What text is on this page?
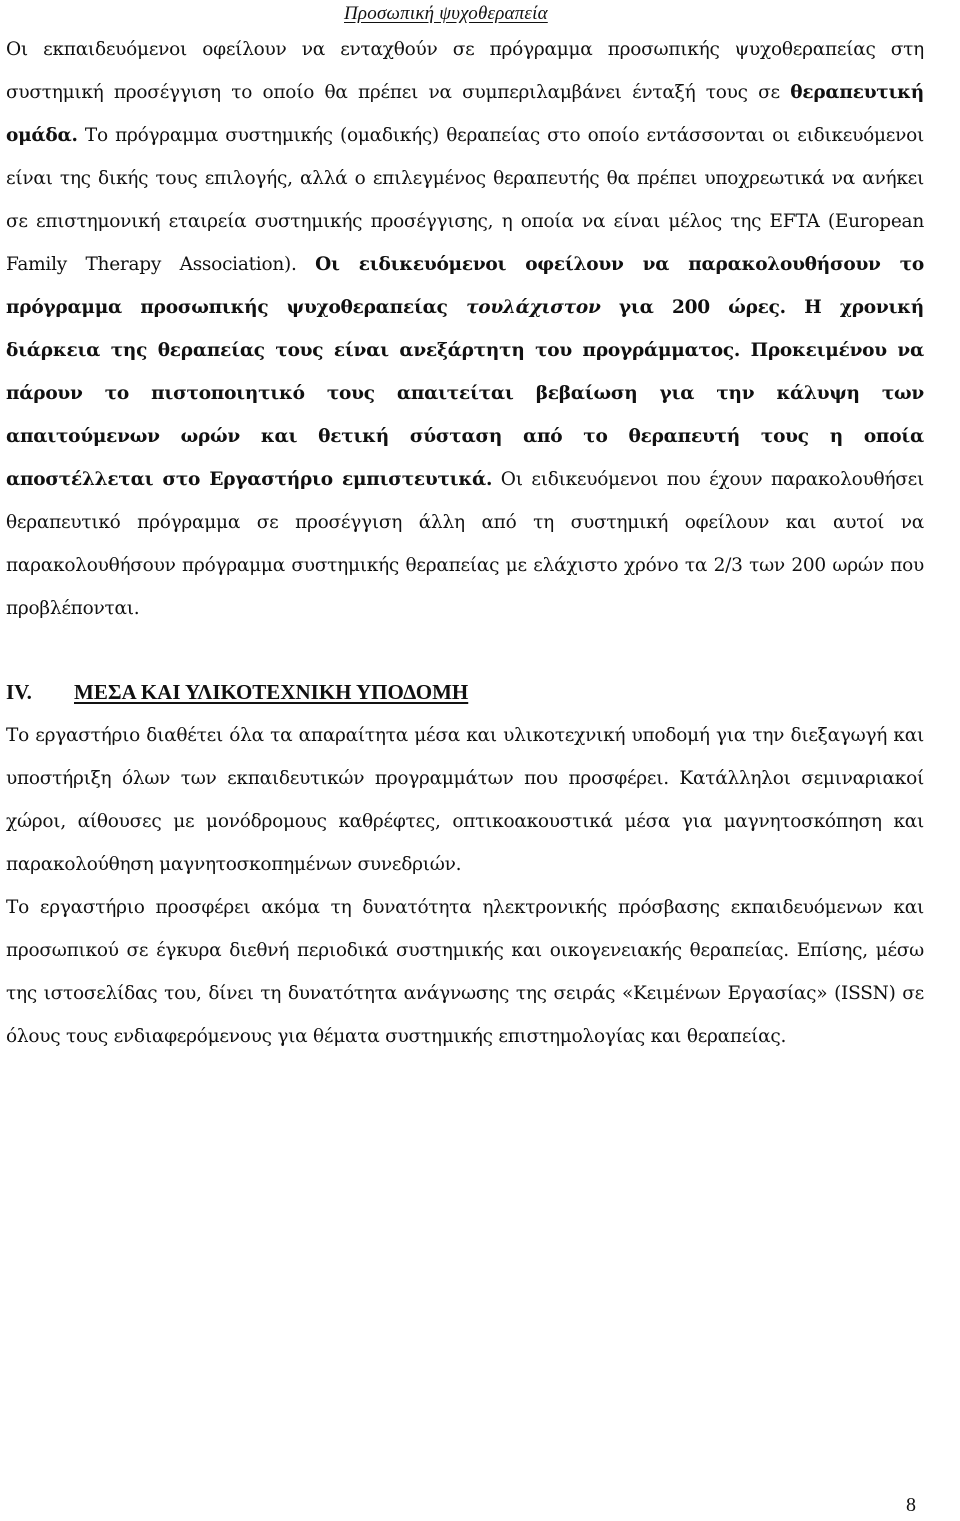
Προσωπική ψυχοθεραπεία

Οι εκπαιδευόμενοι οφείλουν να ενταχθούν σε πρόγραμμα προσωπικής ψυχοθεραπείας στη συστημική προσέγγιση το οποίο θα πρέπει να συμπεριλαμβάνει ένταξή τους σε θεραπευτική ομάδα. Το πρόγραμμα συστημικής (ομαδικής) θεραπείας στο οποίο εντάσσονται οι ειδικευόμενοι είναι της δικής τους επιλογής, αλλά ο επιλεγμένος θεραπευτής θα πρέπει υποχρεωτικά να ανήκει σε επιστημονική εταιρεία συστημικής προσέγγισης, η οποία να είναι μέλος της EFTA (European Family Therapy Association). Οι ειδικευόμενοι οφείλουν να παρακολουθήσουν το πρόγραμμα προσωπικής ψυχοθεραπείας τουλάχιστον για 200 ώρες. Η χρονική διάρκεια της θεραπείας τους είναι ανεξάρτητη του προγράμματος. Προκειμένου να πάρουν το πιστοποιητικό τους απαιτείται βεβαίωση για την κάλυψη των απαιτούμενων ωρών και θετική σύσταση από το θεραπευτή τους η οποία αποστέλλεται στο Εργαστήριο εμπιστευτικά. Οι ειδικευόμενοι που έχουν παρακολουθήσει θεραπευτικό πρόγραμμα σε προσέγγιση άλλη από τη συστημική οφείλουν και αυτοί να παρακολουθήσουν πρόγραμμα συστημικής θεραπείας με ελάχιστο χρόνο τα 2/3 των 200 ωρών που προβλέπονται.

IV. ΜΕΣΑ ΚΑΙ ΥΛΙΚΟΤΕΧΝΙΚΗ ΥΠΟΔΟΜΗ

Το εργαστήριο διαθέτει όλα τα απαραίτητα μέσα και υλικοτεχνική υποδομή για την διεξαγωγή και υποστήριξη όλων των εκπαιδευτικών προγραμμάτων που προσφέρει. Κατάλληλοι σεμιναριακοί χώροι, αίθουσες με μονόδρομους καθρέφτες, οπτικοακουστικά μέσα για μαγνητοσκόπηση και παρακολούθηση μαγνητοσκοπημένων συνεδριών.

Το εργαστήριο προσφέρει ακόμα τη δυνατότητα ηλεκτρονικής πρόσβασης εκπαιδευόμενων και προσωπικού σε έγκυρα διεθνή περιοδικά συστημικής και οικογενειακής θεραπείας. Επίσης, μέσω της ιστοσελίδας του, δίνει τη δυνατότητα ανάγνωσης της σειράς «Κειμένων Εργασίας» (ISSN) σε όλους τους ενδιαφερόμενους για θέματα συστημικής επιστημολογίας και θεραπείας.

8
